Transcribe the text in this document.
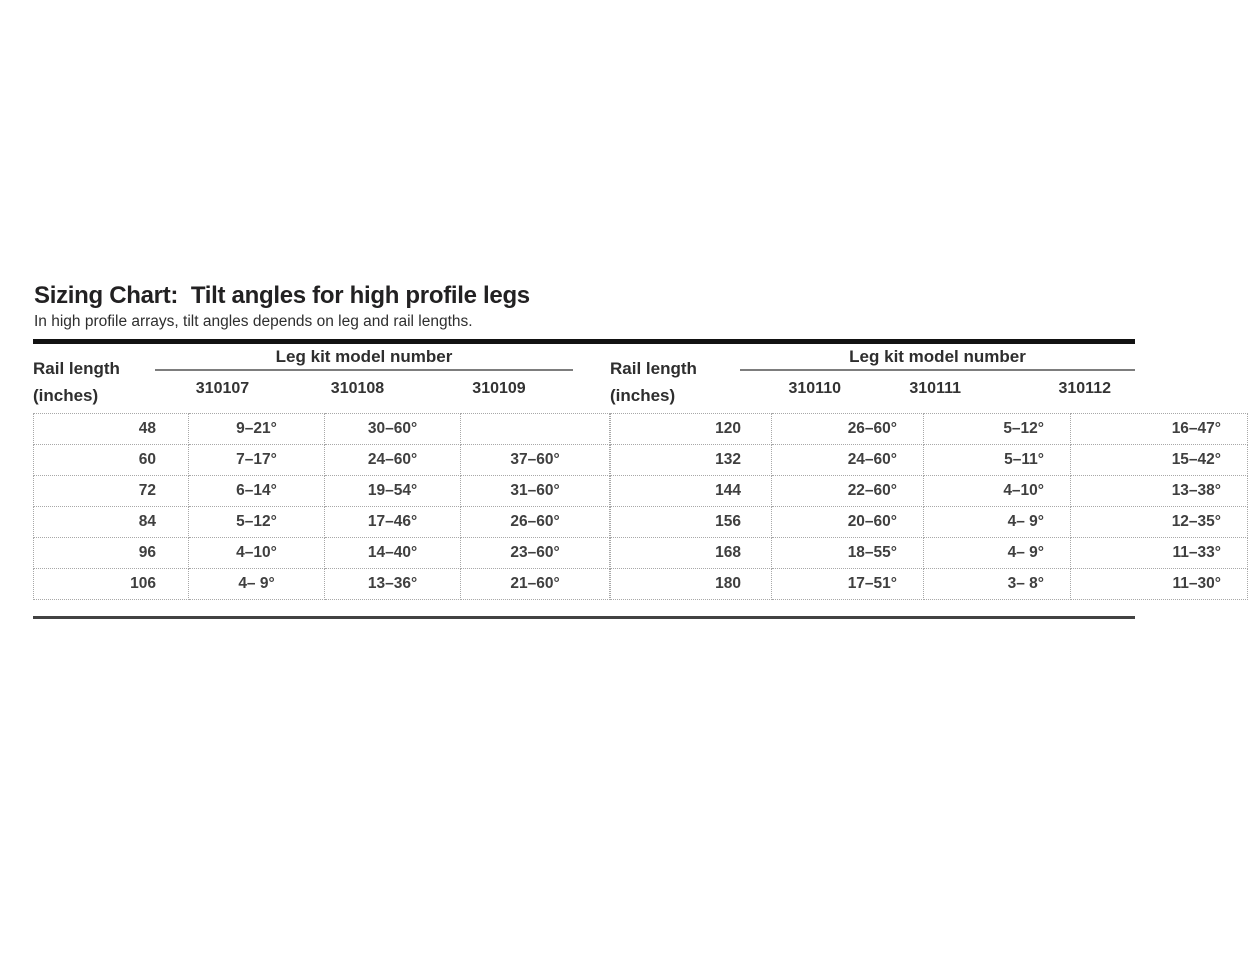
Sizing Chart:  Tilt angles for high profile legs

In high profile arrays, tilt angles depends on leg and rail lengths.

Rail length
(inches)
Leg kit model number
310107	310108	310109
48	9–21°	30–60°	
60	7–17°	24–60°	37–60°
72	6–14°	19–54°	31–60°
84	5–12°	17–46°	26–60°
96	4–10°	14–40°	23–60°
106	4– 9°	13–36°	21–60°
Rail length
(inches)
Leg kit model number
310110	310111	310112
120	26–60°	5–12°	16–47°
132	24–60°	5–11°	15–42°
144	22–60°	4–10°	13–38°
156	20–60°	4– 9°	12–35°
168	18–55°	4– 9°	11–33°
180	17–51°	3– 8°	11–30°
